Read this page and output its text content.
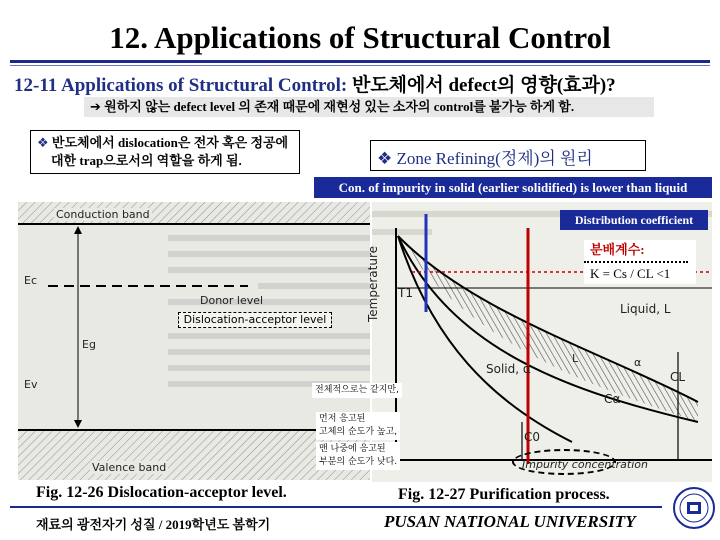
12. Applications of Structural Control
12-11 Applications of Structural Control: 반도체에서 defect의 영향(효과)?
➔ 원하지 않는 defect level 의 존재 때문에 재현성 있는 소자의 control를 불가능 하게 함.
❖ 반도체에서 dislocation은 전자 혹은 정공에
대한 trap으로서의 역할을 하게 됨.	❖ Zone Refining(정제)의 원리
Con. of impurity in solid (earlier solidified) is lower than liquid
Conduction band
Ec
Eg
Ev
Donor level
Valence band
Dislocation-acceptor level	Temperature T1
Liquid, L
L	α
Solid, α
CL
Cα
C0
Impurity concentration
Distribution coefficient
분배계수:
K = Cs / CL <1
전체적으로는 같지만,
먼저 응고된
고체의 순도가 높고,
맨 나중에 응고된
부분의 순도가 낮다.
Fig. 12-26 Dislocation-acceptor level.	Fig. 12-27 Purification process.
재료의 광전자기 성질 / 2019학년도 봄학기	PUSAN NATIONAL UNIVERSITY
